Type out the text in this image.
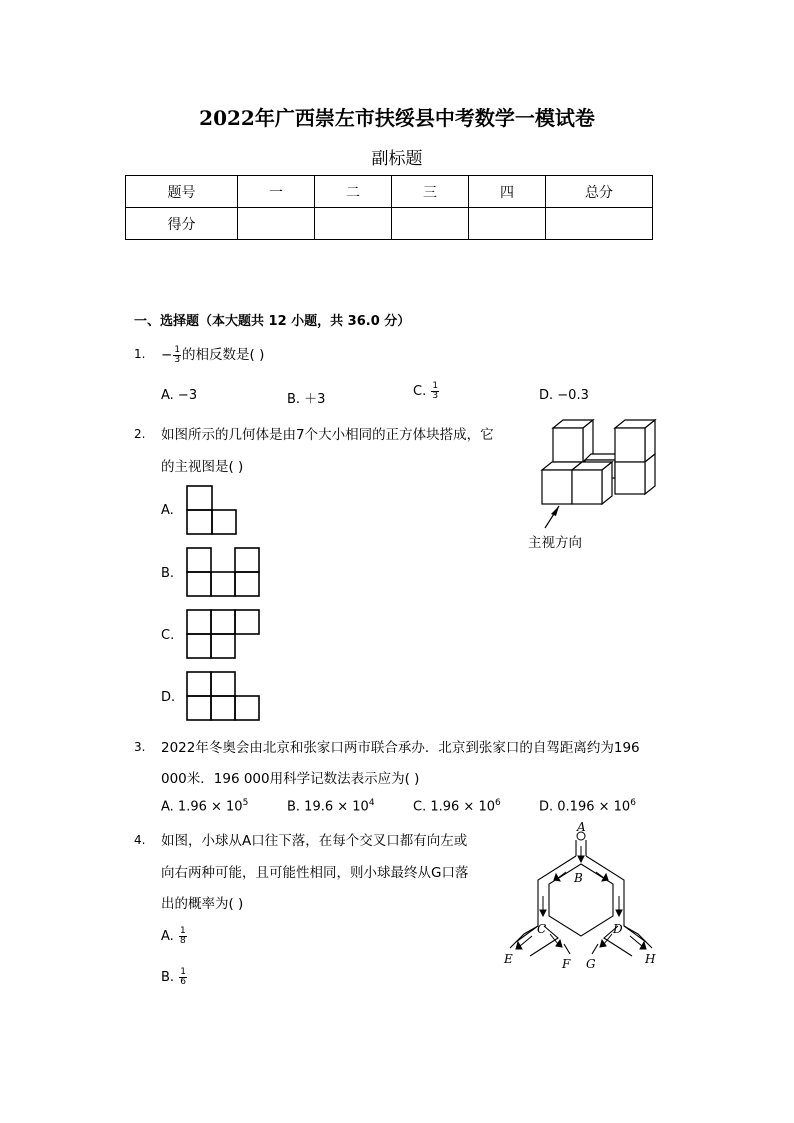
2022年广西崇左市扶绥县中考数学一模试卷
副标题
题号	一	二	三	四	总分
得分					
一、选择题（本大题共 12 小题，共 36.0 分）
1. − $\frac{1}{3}$ 的相反数是( )
A. −3	B. ＋3
C. $\frac{1}{3}$	D. −0.3
2. 如图所示的几何体是由7个大小相同的正方体块搭成，它
的主视图是( )
主视方向
A.
B.
C.
D.
3. 2022年冬奥会由北京和张家口两市联合承办．北京到张家口的自驾距离约为196
000米．196 000用科学记数法表示应为( )
A. $1.96 \times 10^5$	B. $19.6 \times 10^4$	C. $1.96 \times 10^6$	D. $0.196 \times 10^6$
4. 如图，小球从A口往下落，在每个交叉口都有向左或
向右两种可能，且可能性相同，则小球最终从G口落
出的概率为( )
A. $\frac{1}{8}$
B. $\frac{1}{6}$
A
B
C	D
E	F G	H
